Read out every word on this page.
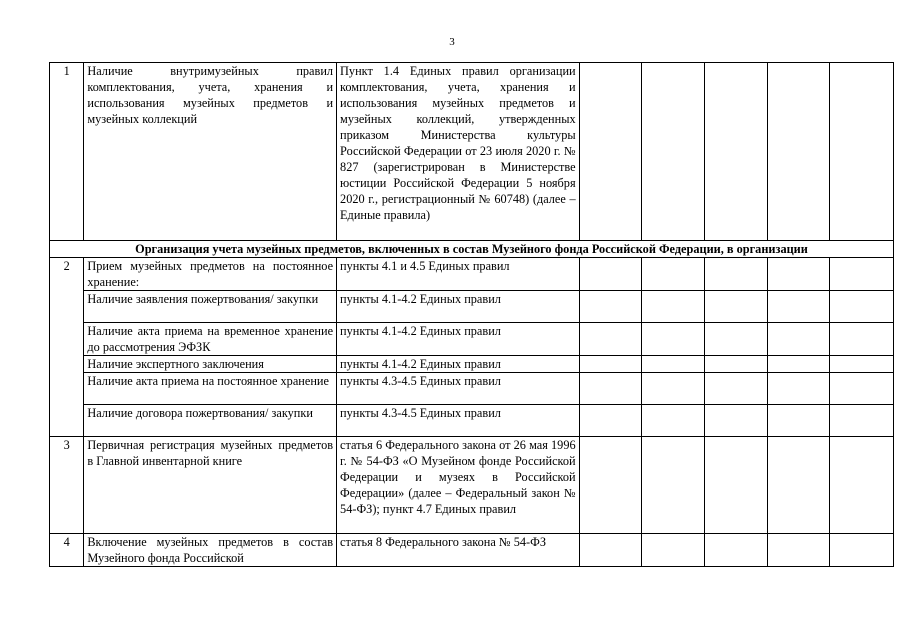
3
1	Наличие внутримузейных правил комплектования, учета, хранения и использования музейных предметов и музейных коллекций	Пункт 1.4 Единых правил организации комплектования, учета, хранения и использования музейных предметов и музейных коллекций, утвержденных приказом Министерства культуры Российской Федерации от 23 июля 2020 г. № 827 (зарегистрирован в Министерстве юстиции Российской Федерации 5 ноября 2020 г., регистрационный № 60748) (далее – Единые правила)					
Организация учета музейных предметов, включенных в состав Музейного фонда Российской Федерации, в организации							
2	Прием музейных предметов на постоянное хранение:	пункты 4.1 и 4.5 Единых правил					
	Наличие заявления пожертвования/ закупки	пункты 4.1-4.2 Единых правил					
	Наличие акта приема на временное хранение до рассмотрения ЭФЗК	пункты 4.1-4.2 Единых правил					
	Наличие экспертного заключения	пункты 4.1-4.2 Единых правил					
	Наличие акта приема на постоянное хранение	пункты 4.3-4.5 Единых правил					
	Наличие договора пожертвования/ закупки	пункты 4.3-4.5 Единых правил					
3	Первичная регистрация музейных предметов в Главной инвентарной книге	статья 6 Федерального закона от 26 мая 1996 г. № 54-ФЗ «О Музейном фонде Российской Федерации и музеях в Российской Федерации» (далее – Федеральный закон № 54-ФЗ); пункт 4.7 Единых правил					
4	Включение музейных предметов в состав Музейного фонда Российской	статья 8 Федерального закона № 54-ФЗ					
